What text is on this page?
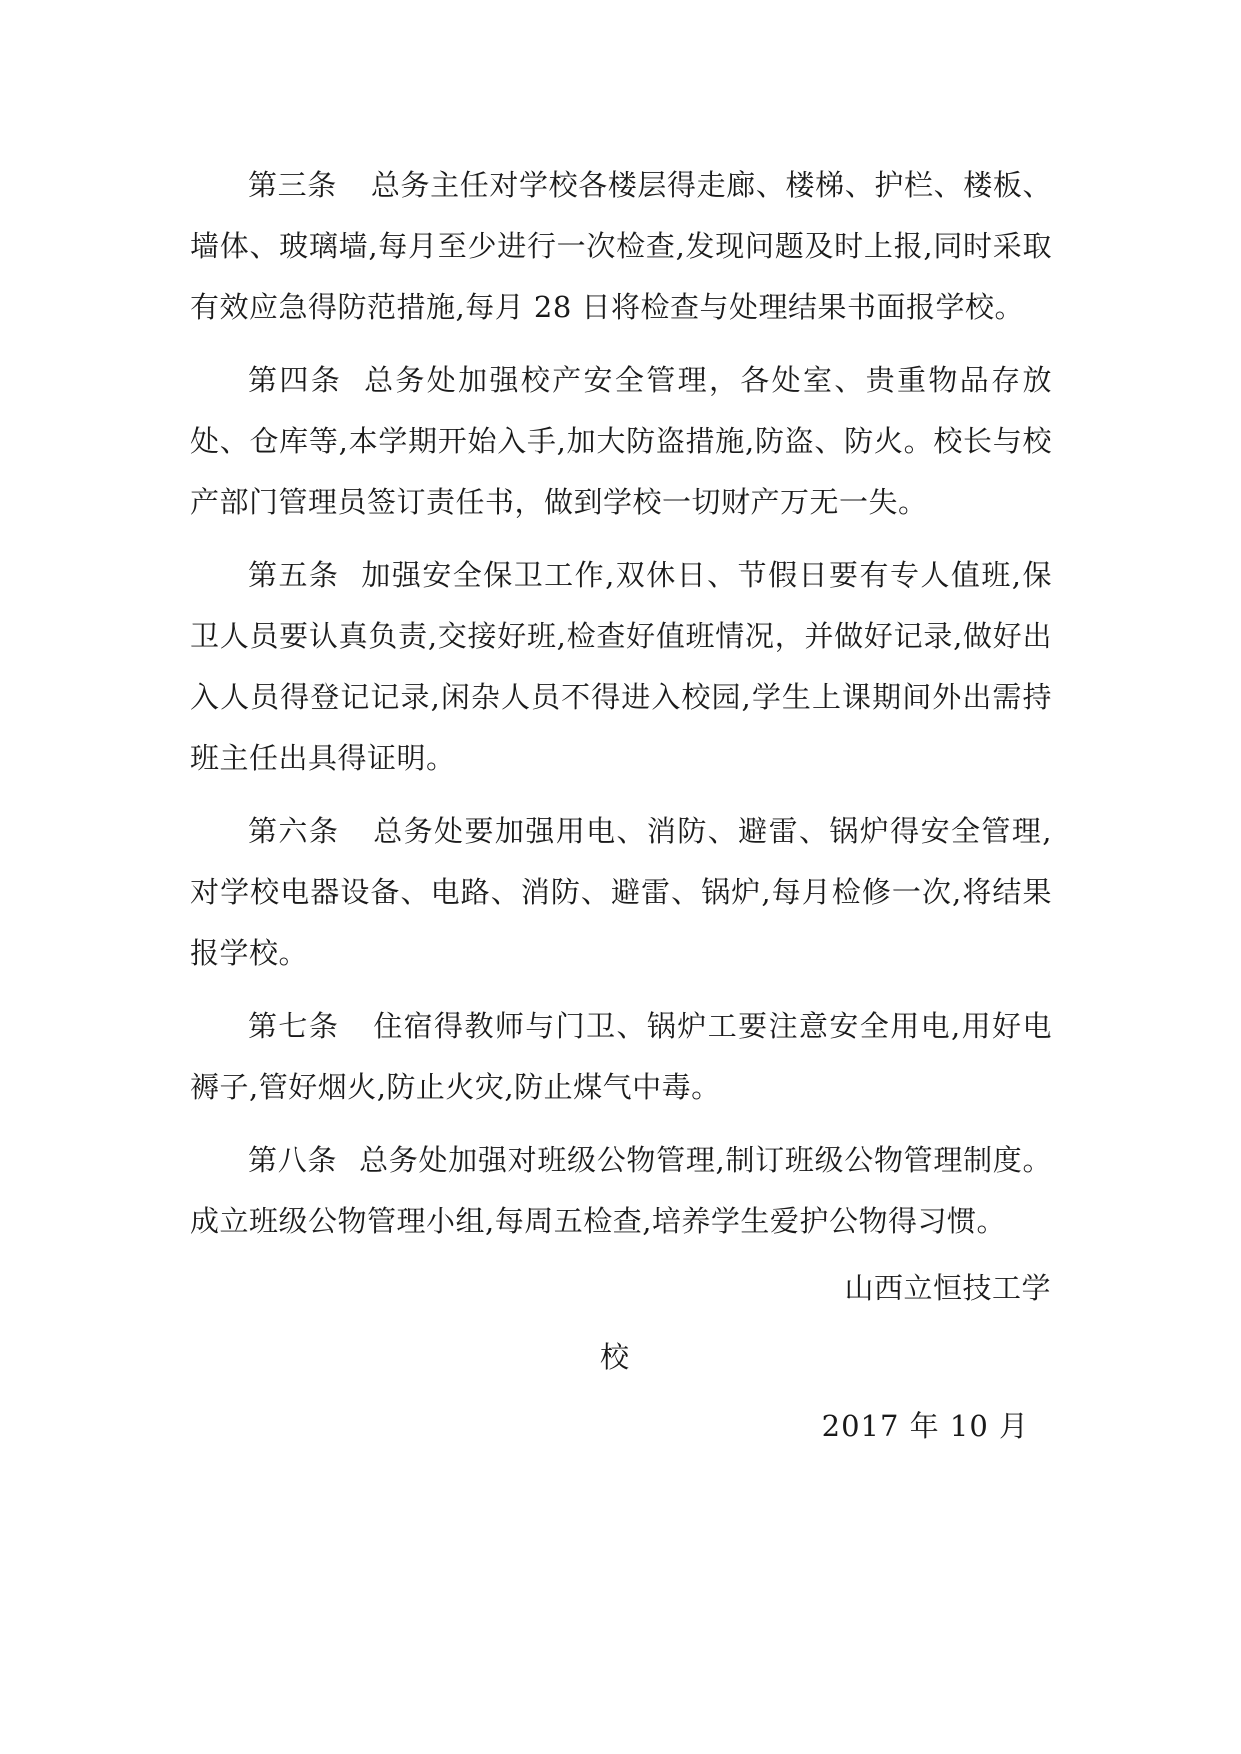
第三条 总务主任对学校各楼层得走廊、楼梯、护栏、楼板、墙体、玻璃墙,每月至少进行一次检查,发现问题及时上报,同时采取有效应急得防范措施,每月 28 日将检查与处理结果书面报学校。

第四条 总务处加强校产安全管理，各处室、贵重物品存放处、仓库等,本学期开始入手,加大防盗措施,防盗、防火。校长与校产部门管理员签订责任书，做到学校一切财产万无一失。

第五条 加强安全保卫工作,双休日、节假日要有专人值班,保卫人员要认真负责,交接好班,检查好值班情况，并做好记录,做好出入人员得登记记录,闲杂人员不得进入校园,学生上课期间外出需持班主任出具得证明。

第六条 总务处要加强用电、消防、避雷、锅炉得安全管理,对学校电器设备、电路、消防、避雷、锅炉,每月检修一次,将结果报学校。

第七条 住宿得教师与门卫、锅炉工要注意安全用电,用好电褥子,管好烟火,防止火灾,防止煤气中毒。

第八条 总务处加强对班级公物管理,制订班级公物管理制度。成立班级公物管理小组,每周五检查,培养学生爱护公物得习惯。

山西立恒技工学
校
2017 年 10 月
